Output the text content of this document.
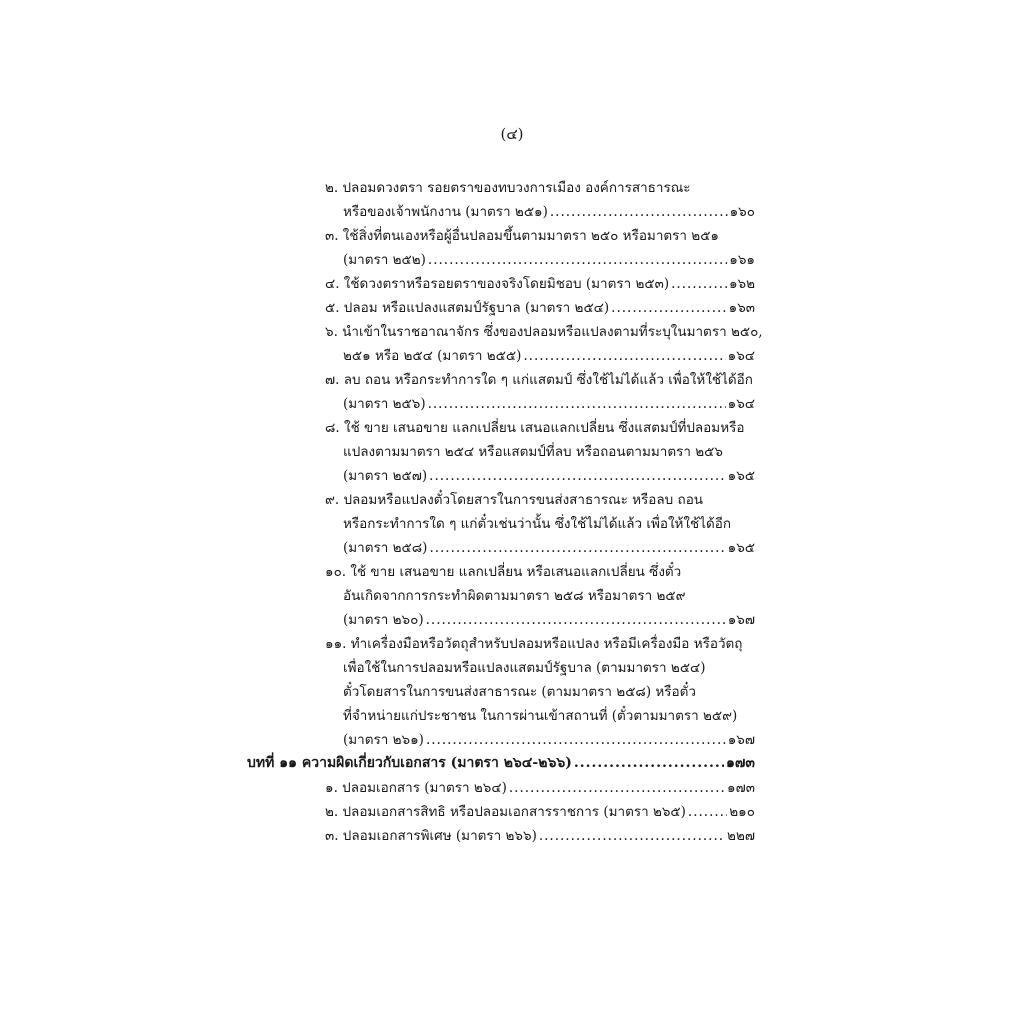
(๔)
๒. ปลอมดวงตรา รอยตราของทบวงการเมือง องค์การสาธารณะ
หรือของเจ้าพนักงาน (มาตรา ๒๕๑) .....	๑๖๐
๓. ใช้สิ่งที่ตนเองหรือผู้อื่นปลอมขึ้นตามมาตรา ๒๕๐ หรือมาตรา ๒๕๑
(มาตรา ๒๕๒) .....	๑๖๑
๔. ใช้ดวงตราหรือรอยตราของจริงโดยมิชอบ (มาตรา ๒๕๓) .....	๑๖๒
๕. ปลอม หรือแปลงแสตมป์รัฐบาล (มาตรา ๒๕๔) .....	๑๖๓
๖. นำเข้าในราชอาณาจักร ซึ่งของปลอมหรือแปลงตามที่ระบุในมาตรา ๒๕๐,
๒๕๑ หรือ ๒๕๔ (มาตรา ๒๕๕) .....	๑๖๔
๗. ลบ ถอน หรือกระทำการใด ๆ แก่แสตมป์ ซึ่งใช้ไม่ได้แล้ว เพื่อให้ใช้ได้อีก
(มาตรา ๒๕๖) .....	๑๖๔
๘. ใช้ ขาย เสนอขาย แลกเปลี่ยน เสนอแลกเปลี่ยน ซึ่งแสตมป์ที่ปลอมหรือ
แปลงตามมาตรา ๒๕๔ หรือแสตมป์ที่ลบ หรือถอนตามมาตรา ๒๕๖
(มาตรา ๒๕๗) .....	๑๖๕
๙. ปลอมหรือแปลงตั๋วโดยสารในการขนส่งสาธารณะ หรือลบ ถอน
หรือกระทำการใด ๆ แก่ตั๋วเช่นว่านั้น ซึ่งใช้ไม่ได้แล้ว เพื่อให้ใช้ได้อีก
(มาตรา ๒๕๘) .....	๑๖๕
๑๐. ใช้ ขาย เสนอขาย แลกเปลี่ยน หรือเสนอแลกเปลี่ยน ซึ่งตั๋ว
อันเกิดจากการกระทำผิดตามมาตรา ๒๕๘ หรือมาตรา ๒๕๙
(มาตรา ๒๖๐) .....	๑๖๗
๑๑. ทำเครื่องมือหรือวัตถุสำหรับปลอมหรือแปลง หรือมีเครื่องมือ หรือวัตถุ
เพื่อใช้ในการปลอมหรือแปลงแสตมป์รัฐบาล (ตามมาตรา ๒๕๔)
ตั๋วโดยสารในการขนส่งสาธารณะ (ตามมาตรา ๒๕๘) หรือตั๋ว
ที่จำหน่ายแก่ประชาชน ในการผ่านเข้าสถานที่ (ตั๋วตามมาตรา ๒๕๙)
(มาตรา ๒๖๑) .....	๑๖๗
บทที่ ๑๑ ความผิดเกี่ยวกับเอกสาร (มาตรา ๒๖๔-๒๖๖) .....	๑๗๓
๑. ปลอมเอกสาร (มาตรา ๒๖๔) .....	๑๗๓
๒. ปลอมเอกสารสิทธิ หรือปลอมเอกสารราชการ (มาตรา ๒๖๕) .....	๒๑๐
๓. ปลอมเอกสารพิเศษ (มาตรา ๒๖๖) .....	๒๒๗
